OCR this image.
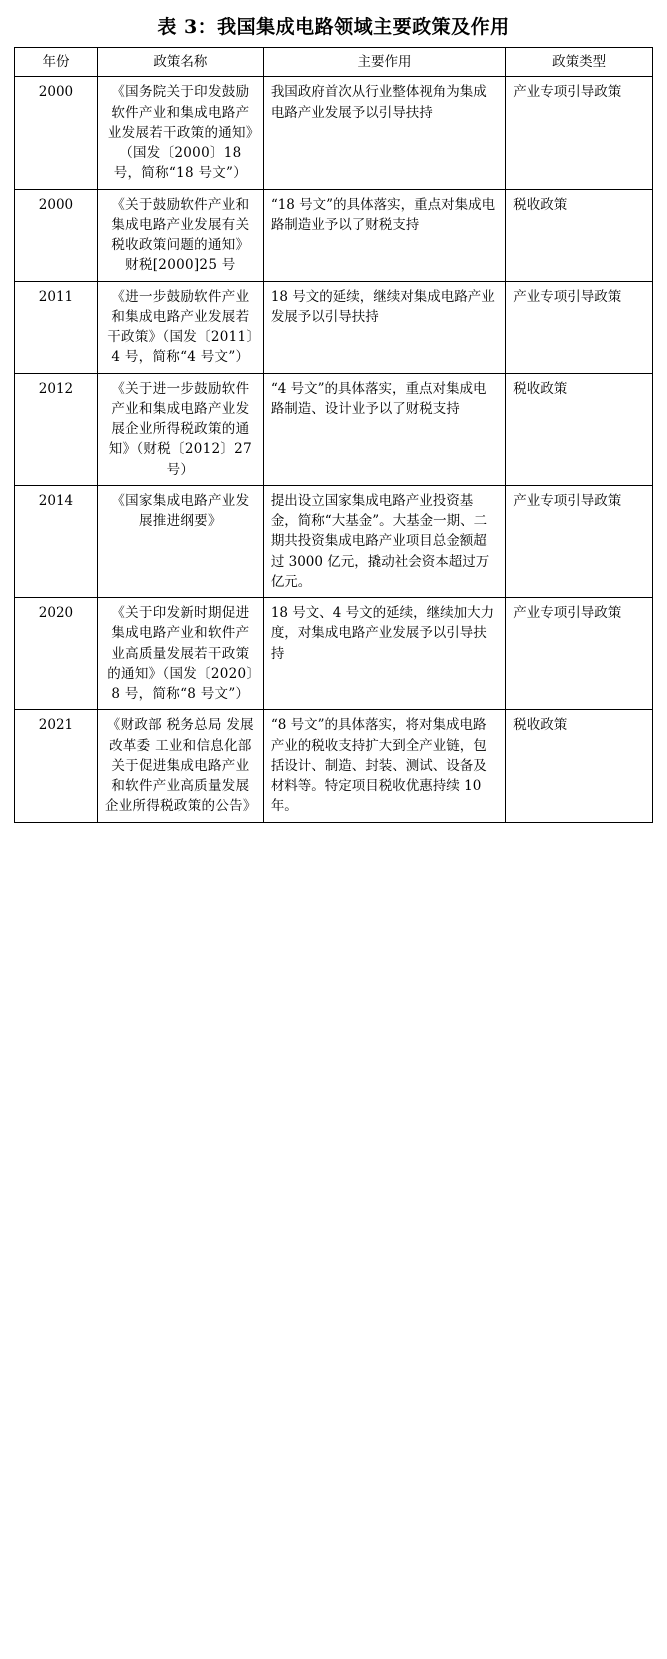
表 3：我国集成电路领域主要政策及作用
年份	政策名称	主要作用	政策类型
2000	《国务院关于印发鼓励软件产业和集成电路产业发展若干政策的通知》（国发〔2000〕18 号，简称“18 号文”）	我国政府首次从行业整体视角为集成电路产业发展予以引导扶持	产业专项引导政策
2000	《关于鼓励软件产业和集成电路产业发展有关税收政策问题的通知》财税[2000]25 号	“18 号文”的具体落实，重点对集成电路制造业予以了财税支持	税收政策
2011	《进一步鼓励软件产业和集成电路产业发展若干政策》（国发〔2011〕4 号，简称“4 号文”）	18 号文的延续，继续对集成电路产业发展予以引导扶持	产业专项引导政策
2012	《关于进一步鼓励软件产业和集成电路产业发展企业所得税政策的通知》（财税〔2012〕27 号）	“4 号文”的具体落实，重点对集成电路制造、设计业予以了财税支持	税收政策
2014	《国家集成电路产业发展推进纲要》	提出设立国家集成电路产业投资基金，简称“大基金”。大基金一期、二期共投资集成电路产业项目总金额超过 3000 亿元，撬动社会资本超过万亿元。	产业专项引导政策
2020	《关于印发新时期促进集成电路产业和软件产业高质量发展若干政策的通知》（国发〔2020〕8 号，简称“8 号文”）	18 号文、4 号文的延续，继续加大力度，对集成电路产业发展予以引导扶持	产业专项引导政策
2021	《财政部 税务总局 发展改革委 工业和信息化部关于促进集成电路产业和软件产业高质量发展企业所得税政策的公告》	“8 号文”的具体落实，将对集成电路产业的税收支持扩大到全产业链，包括设计、制造、封装、测试、设备及材料等。特定项目税收优惠持续 10 年。	税收政策
